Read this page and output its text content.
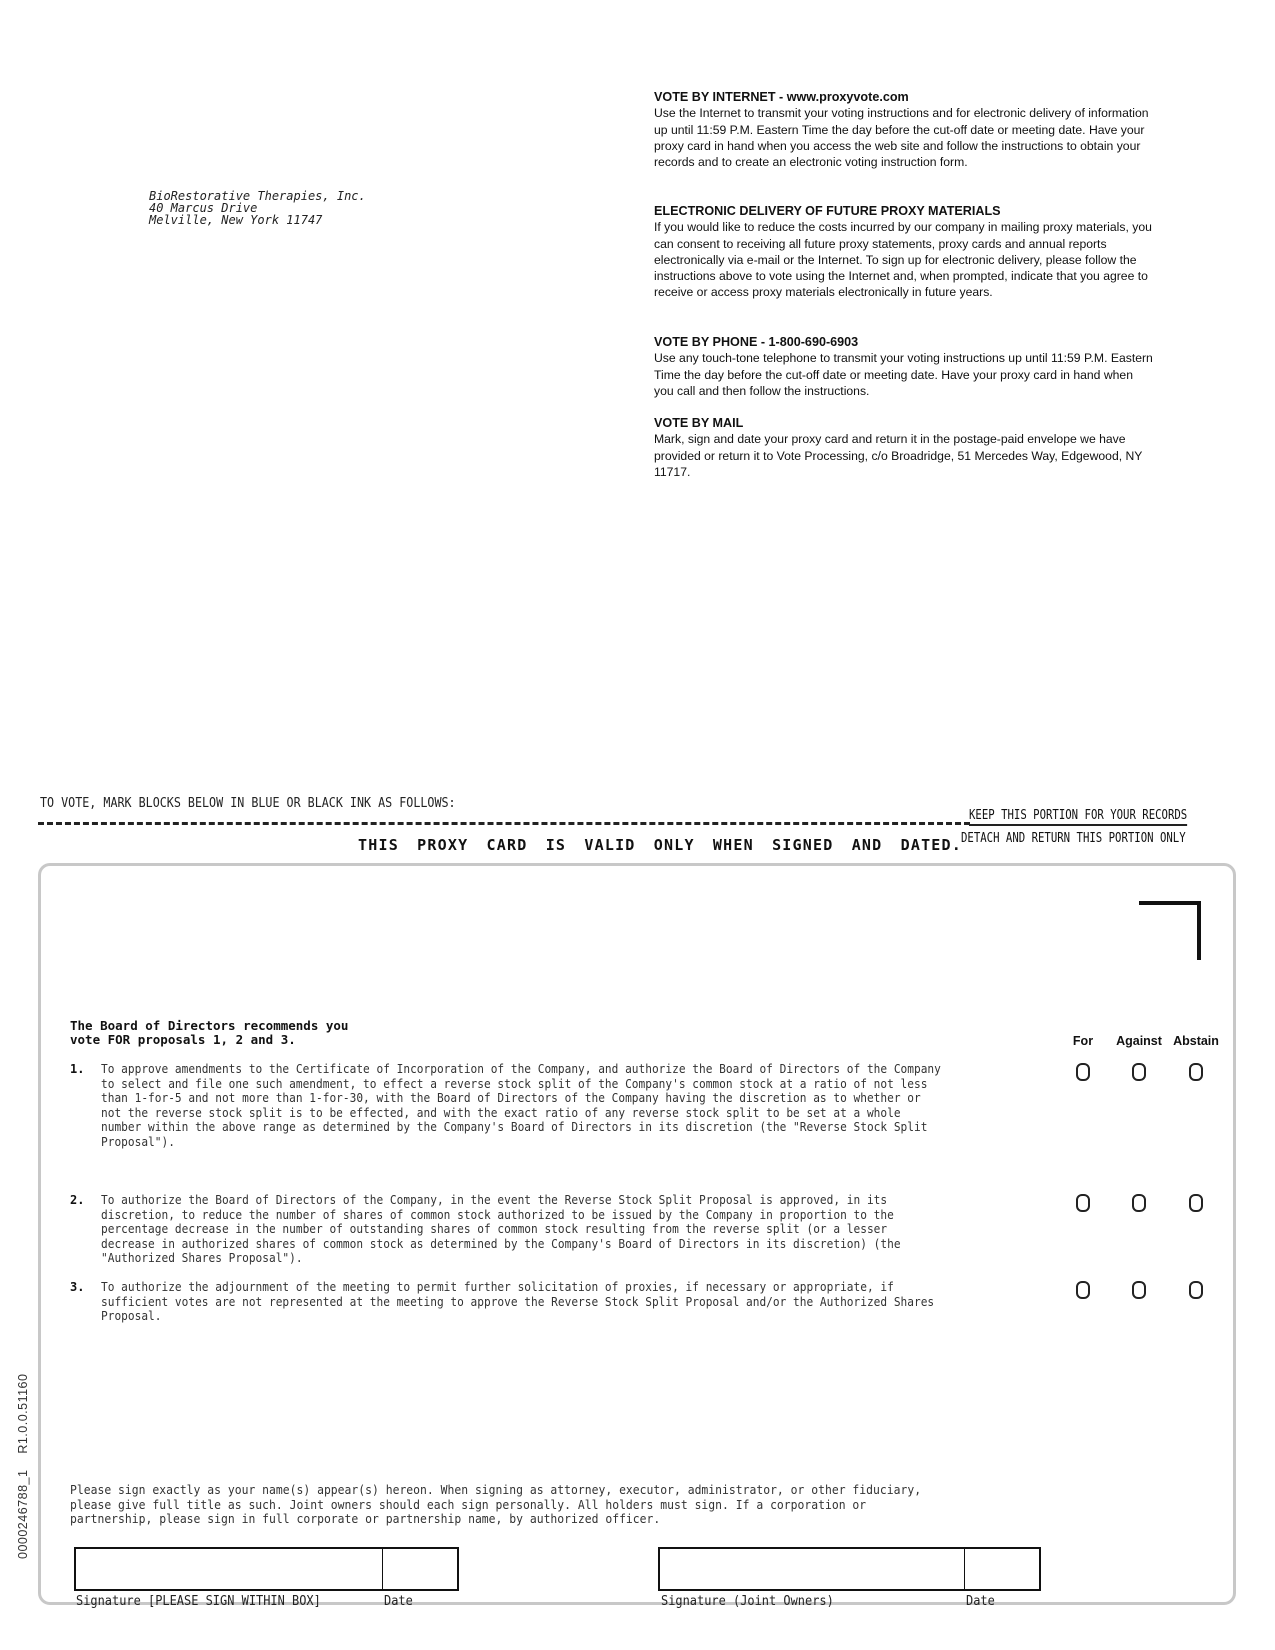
BioRestorative Therapies, Inc.
40 Marcus Drive
Melville, New York 11747
VOTE BY INTERNET - www.proxyvote.com
Use the Internet to transmit your voting instructions and for electronic delivery of information up until 11:59 P.M. Eastern Time the day before the cut-off date or meeting date. Have your proxy card in hand when you access the web site and follow the instructions to obtain your records and to create an electronic voting instruction form.
ELECTRONIC DELIVERY OF FUTURE PROXY MATERIALS
If you would like to reduce the costs incurred by our company in mailing proxy materials, you can consent to receiving all future proxy statements, proxy cards and annual reports electronically via e-mail or the Internet. To sign up for electronic delivery, please follow the instructions above to vote using the Internet and, when prompted, indicate that you agree to receive or access proxy materials electronically in future years.
VOTE BY PHONE - 1-800-690-6903
Use any touch-tone telephone to transmit your voting instructions up until 11:59 P.M. Eastern Time the day before the cut-off date or meeting date. Have your proxy card in hand when you call and then follow the instructions.
VOTE BY MAIL
Mark, sign and date your proxy card and return it in the postage-paid envelope we have provided or return it to Vote Processing, c/o Broadridge, 51 Mercedes Way, Edgewood, NY 11717.
TO VOTE, MARK BLOCKS BELOW IN BLUE OR BLACK INK AS FOLLOWS:
KEEP THIS PORTION FOR YOUR RECORDS
DETACH AND RETURN THIS PORTION ONLY
THIS PROXY CARD IS VALID ONLY WHEN SIGNED AND DATED.
The Board of Directors recommends you
vote FOR proposals 1, 2 and 3.	For	Against Abstain
1. To approve amendments to the Certificate of Incorporation of the Company, and authorize the Board of Directors of the Company
to select and file one such amendment, to effect a reverse stock split of the Company's common stock at a ratio of not less
than 1-for-5 and not more than 1-for-30, with the Board of Directors of the Company having the discretion as to whether or
not the reverse stock split is to be effected, and with the exact ratio of any reverse stock split to be set at a whole
number within the above range as determined by the Company's Board of Directors in its discretion (the "Reverse Stock Split
Proposal").
2. To authorize the Board of Directors of the Company, in the event the Reverse Stock Split Proposal is approved, in its
discretion, to reduce the number of shares of common stock authorized to be issued by the Company in proportion to the
percentage decrease in the number of outstanding shares of common stock resulting from the reverse split (or a lesser
decrease in authorized shares of common stock as determined by the Company's Board of Directors in its discretion) (the
"Authorized Shares Proposal").
3. To authorize the adjournment of the meeting to permit further solicitation of proxies, if necessary or appropriate, if
sufficient votes are not represented at the meeting to approve the Reverse Stock Split Proposal and/or the Authorized Shares
Proposal.
0000246788_1    R1.0.0.51160	Please sign exactly as your name(s) appear(s) hereon. When signing as attorney, executor, administrator, or other fiduciary,
please give full title as such. Joint owners should each sign personally. All holders must sign. If a corporation or
partnership, please sign in full corporate or partnership name, by authorized officer.
Signature [PLEASE SIGN WITHIN BOX]	Date	Signature (Joint Owners)	Date
